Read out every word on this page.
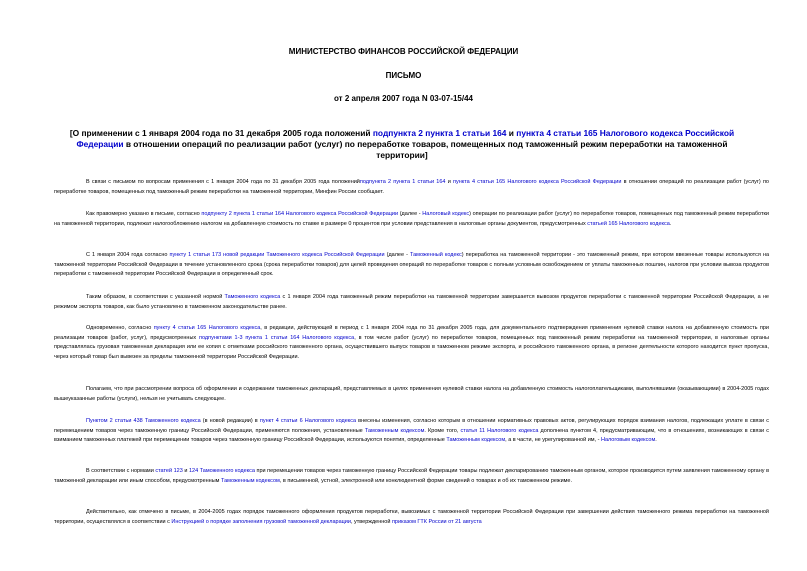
МИНИСТЕРСТВО ФИНАНСОВ РОССИЙСКОЙ ФЕДЕРАЦИИ
ПИСЬМО
от 2 апреля 2007 года N 03-07-15/44
[О применении с 1 января 2004 года по 31 декабря 2005 года положений подпункта 2 пункта 1 статьи 164 и пункта 4 статьи 165 Налогового кодекса Российской Федерации в отношении операций по реализации работ (услуг) по переработке товаров, помещенных под таможенный режим переработки на таможенной территории]
В связи с письмом по вопросам применения с 1 января 2004 года по 31 декабря 2005 года положенийподпункта 2 пункта 1 статьи 164 и пункта 4 статьи 165 Налогового кодекса Российской Федерации в отношении операций по реализации работ (услуг) по переработке товаров, помещенных под таможенный режим переработки на таможенной территории, Минфин России сообщает.
Как правомерно указано в письме, согласно подпункту 2 пункта 1 статьи 164 Налогового кодекса Российской Федерации (далее - Налоговый кодекс) операции по реализации работ (услуг) по переработке товаров, помещенных под таможенный режим переработки на таможенной территории, подлежат налогообложению налогом на добавленную стоимость по ставке в размере 0 процентов при условии представления в налоговые органы документов, предусмотренных статьей 165 Налогового кодекса.
С 1 января 2004 года согласно пункту 1 статьи 173 новой редакции Таможенного кодекса Российской Федерации (далее - Таможенный кодекс) переработка на таможенной территории - это таможенный режим, при котором ввезенные товары используются на таможенной территории Российской Федерации в течение установленного срока (срока переработки товаров) для целей проведения операций по переработке товаров с полным условным освобождением от уплаты таможенных пошлин, налогов при условии вывоза продуктов переработки с таможенной территории Российской Федерации в определенный срок.
Таким образом, в соответствии с указанной нормой Таможенного кодекса с 1 января 2004 года таможенный режим переработки на таможенной территории завершается вывозом продуктов переработки с таможенной территории Российской Федерации, а не режимом экспорта товаров, как было установлено в таможенном законодательстве ранее.
Одновременно, согласно пункту 4 статьи 165 Налогового кодекса, в редакции, действующей в период с 1 января 2004 года по 31 декабря 2005 года, для документального подтверждения применения нулевой ставки налога на добавленную стоимость при реализации товаров (работ, услуг), предусмотренных подпунктами 1-3 пункта 1 статьи 164 Налогового кодекса, в том числе работ (услуг) по переработке товаров, помещенных под таможенный режим переработки на таможенной территории, в налоговые органы представлялась грузовая таможенная декларация или ее копия с отметками российского таможенного органа, осуществившего выпуск товаров в таможенном режиме экспорта, и российского таможенного органа, в регионе деятельности которого находится пункт пропуска, через который товар был вывезен за пределы таможенной территории Российской Федерации.
Полагаем, что при рассмотрении вопроса об оформлении и содержании таможенных деклараций, представляемых в целях применения нулевой ставки налога на добавленную стоимость налогоплательщиками, выполнявшими (оказывающими) в 2004-2005 годах вышеуказанные работы (услуги), нельзя не учитывать следующее.
Пунктом 2 статьи 438 Таможенного кодекса (в новой редакции) в пункт 4 статьи 6 Налогового кодекса внесены изменения, согласно которым в отношении нормативных правовых актов, регулирующих порядок взимания налогов, подлежащих уплате в связи с перемещением товаров через таможенную границу Российской Федерации, применяются положения, установленные Таможенным кодексом. Кроме того, статья 11 Налогового кодекса дополнена пунктом 4, предусматривающим, что в отношениях, возникающих в связи с взиманием таможенных платежей при перемещении товаров через таможенную границу Российской Федерации, используются понятия, определенные Таможенным кодексом, а в части, не урегулированной им, - Налоговым кодексом.
В соответствии с нормами статей 123 и 124 Таможенного кодекса при перемещении товаров через таможенную границу Российской Федерации товары подлежат декларированию таможенным органом, которое производится путем заявления таможенному органу в таможенной декларации или иным способом, предусмотренным Таможенным кодексом, в письменной, устной, электронной или конклюдентной форме сведений о товарах и об их таможенном режиме.
Действительно, как отмечено в письме, в 2004-2005 годах порядок таможенного оформления продуктов переработки, вывозимых с таможенной территории Российской Федерации при завершении действия таможенного режима переработки на таможенной территории, осуществлялся в соответствии с Инструкцией о порядке заполнения грузовой таможенной декларации, утвержденной приказом ГТК России от 21 августа
